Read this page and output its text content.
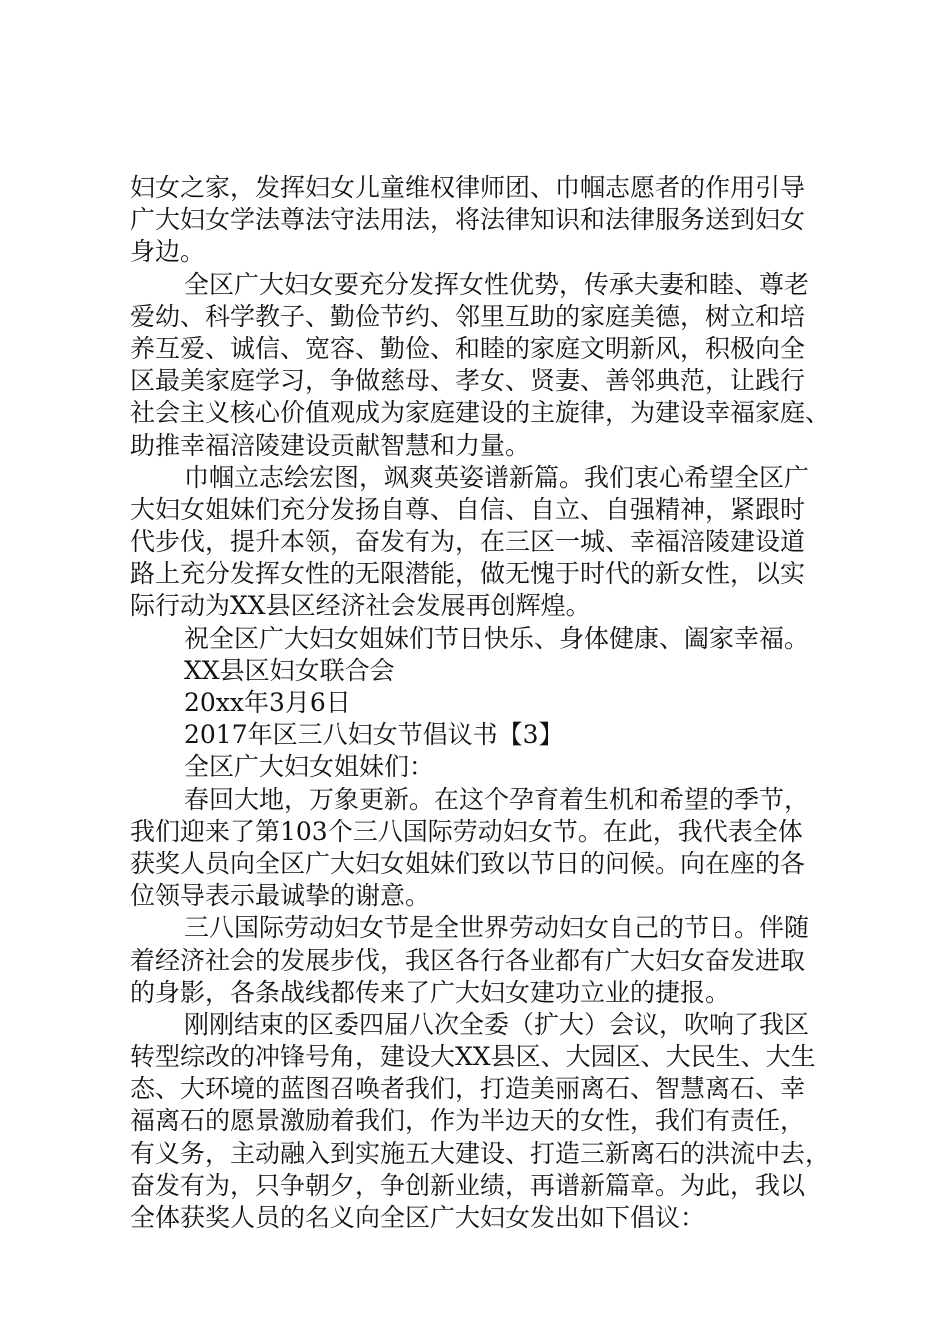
妇女之家，发挥妇女儿童维权律师团、巾帼志愿者的作用引导
广大妇女学法尊法守法用法，将法律知识和法律服务送到妇女
身边。
全区广大妇女要充分发挥女性优势，传承夫妻和睦、尊老
爱幼、科学教子、勤俭节约、邻里互助的家庭美德，树立和培
养互爱、诚信、宽容、勤俭、和睦的家庭文明新风，积极向全
区最美家庭学习，争做慈母、孝女、贤妻、善邻典范，让践行
社会主义核心价值观成为家庭建设的主旋律，为建设幸福家庭、
助推幸福涪陵建设贡献智慧和力量。
巾帼立志绘宏图，飒爽英姿谱新篇。我们衷心希望全区广
大妇女姐妹们充分发扬自尊、自信、自立、自强精神，紧跟时
代步伐，提升本领，奋发有为，在三区一城、幸福涪陵建设道
路上充分发挥女性的无限潜能，做无愧于时代的新女性，以实
际行动为XX县区经济社会发展再创辉煌。
祝全区广大妇女姐妹们节日快乐、身体健康、阖家幸福。
XX县区妇女联合会
20xx年3月6日
2017年区三八妇女节倡议书【3】
全区广大妇女姐妹们：
春回大地，万象更新。在这个孕育着生机和希望的季节，
我们迎来了第103个三八国际劳动妇女节。在此，我代表全体
获奖人员向全区广大妇女姐妹们致以节日的问候。向在座的各
位领导表示最诚挚的谢意。
三八国际劳动妇女节是全世界劳动妇女自己的节日。伴随
着经济社会的发展步伐，我区各行各业都有广大妇女奋发进取
的身影，各条战线都传来了广大妇女建功立业的捷报。
刚刚结束的区委四届八次全委（扩大）会议，吹响了我区
转型综改的冲锋号角，建设大XX县区、大园区、大民生、大生
态、大环境的蓝图召唤者我们，打造美丽离石、智慧离石、幸
福离石的愿景激励着我们，作为半边天的女性，我们有责任，
有义务，主动融入到实施五大建设、打造三新离石的洪流中去，
奋发有为，只争朝夕，争创新业绩，再谱新篇章。为此，我以
全体获奖人员的名义向全区广大妇女发出如下倡议：
